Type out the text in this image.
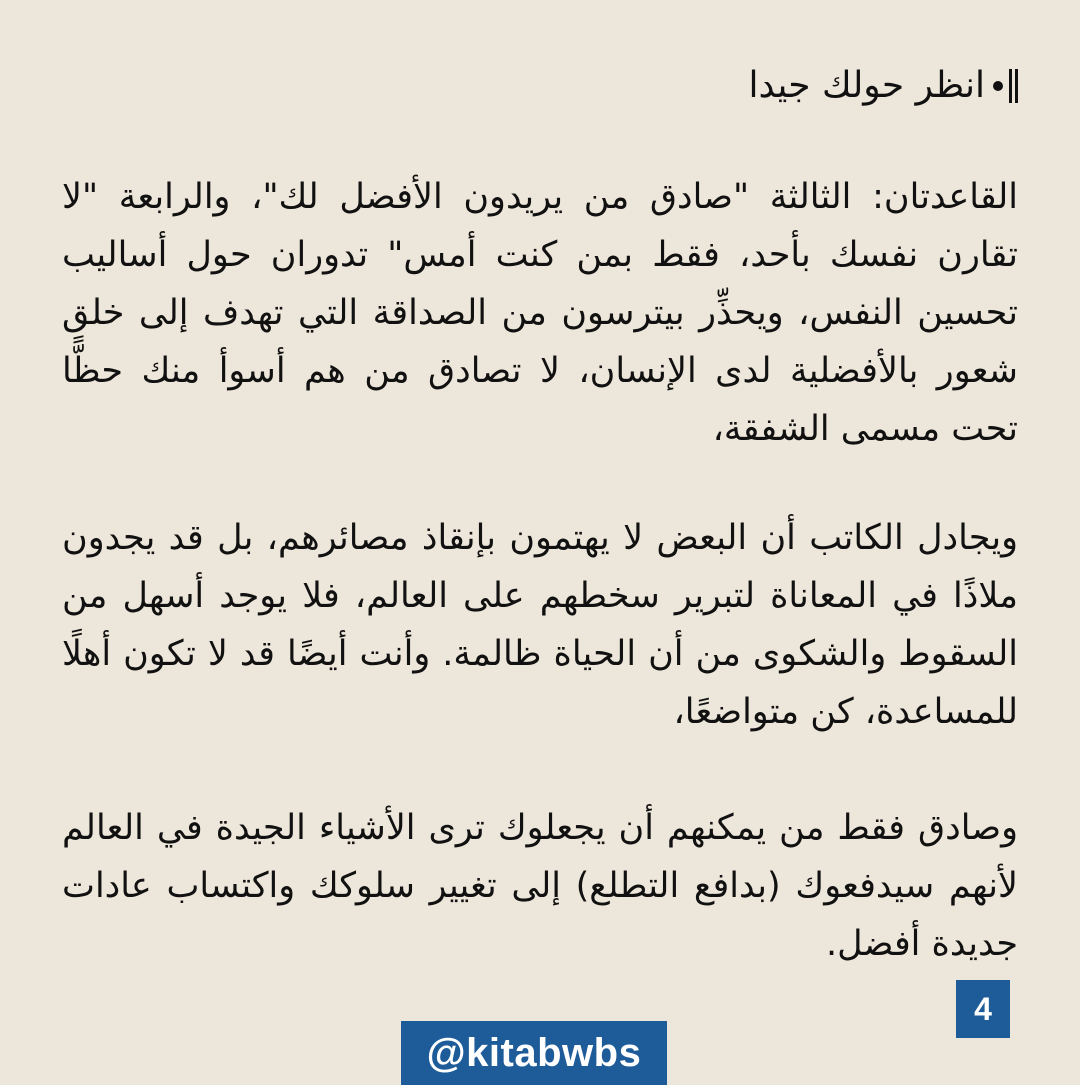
انظر حولك جيدا

القاعدتان: الثالثة "صادق من يريدون الأفضل لك"، والرابعة "لا تقارن نفسك بأحد، فقط بمن كنت أمس" تدوران حول أساليب تحسين النفس، ويحذِّر بيترسون من الصداقة التي تهدف إلى خلق شعور بالأفضلية لدى الإنسان، لا تصادق من هم أسوأ منك حظًّا تحت مسمى الشفقة،

ويجادل الكاتب أن البعض لا يهتمون بإنقاذ مصائرهم، بل قد يجدون ملاذًا في المعاناة لتبرير سخطهم على العالم، فلا يوجد أسهل من السقوط والشكوى من أن الحياة ظالمة. وأنت أيضًا قد لا تكون أهلًا للمساعدة، كن متواضعًا،

وصادق فقط من يمكنهم أن يجعلوك ترى الأشياء الجيدة في العالم لأنهم سيدفعوك (بدافع التطلع) إلى تغيير سلوكك واكتساب عادات جديدة أفضل.

4
@kitabwbs
